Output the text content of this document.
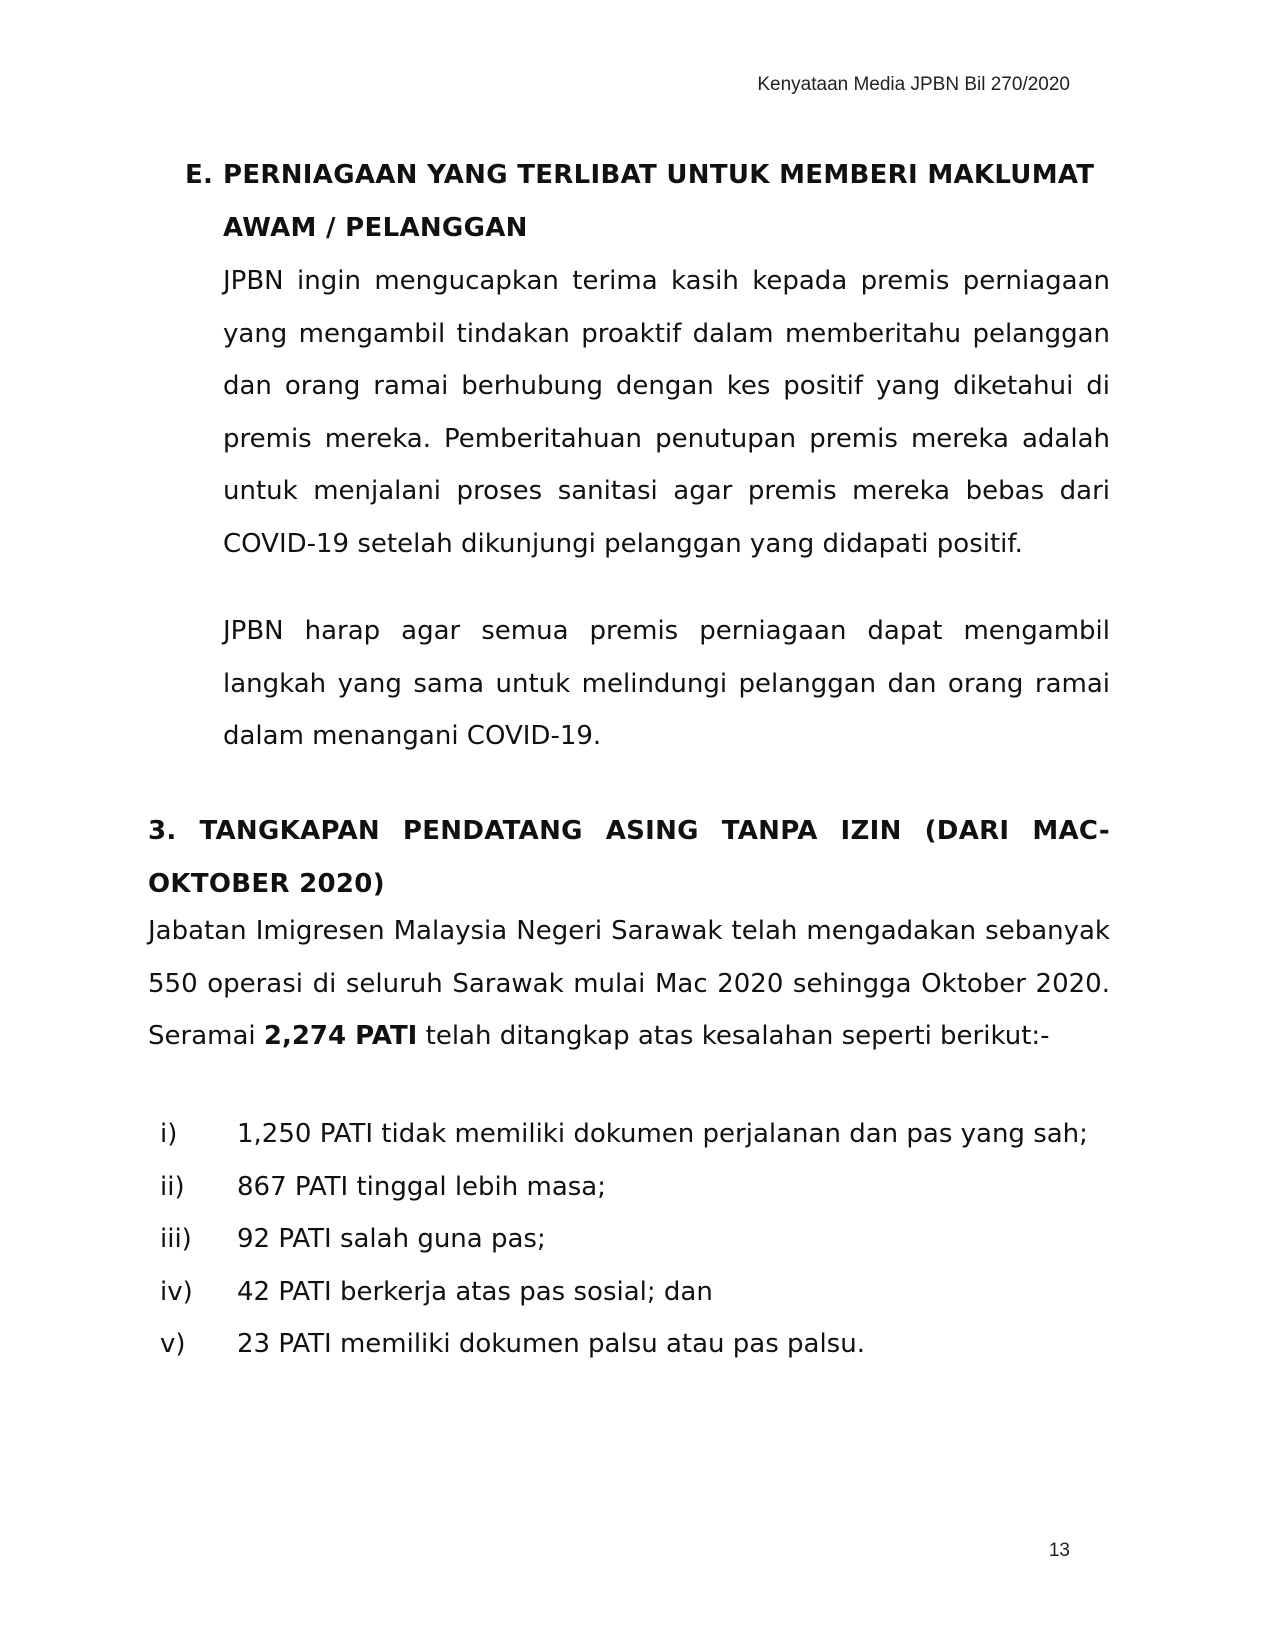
Kenyataan Media JPBN Bil 270/2020
E. PERNIAGAAN YANG TERLIBAT UNTUK MEMBERI MAKLUMAT
AWAM / PELANGGAN
JPBN ingin mengucapkan terima kasih kepada premis perniagaan yang mengambil tindakan proaktif dalam memberitahu pelanggan dan orang ramai berhubung dengan kes positif yang diketahui di premis mereka. Pemberitahuan penutupan premis mereka adalah untuk menjalani proses sanitasi agar premis mereka bebas dari COVID-19 setelah dikunjungi pelanggan yang didapati positif.
JPBN harap agar semua premis perniagaan dapat mengambil langkah yang sama untuk melindungi pelanggan dan orang ramai dalam menangani COVID-19.
3. TANGKAPAN PENDATANG ASING TANPA IZIN (DARI MAC-
OKTOBER 2020)
Jabatan Imigresen Malaysia Negeri Sarawak telah mengadakan sebanyak 550 operasi di seluruh Sarawak mulai Mac 2020 sehingga Oktober 2020. Seramai 2,274 PATI telah ditangkap atas kesalahan seperti berikut:-
i)	1,250 PATI tidak memiliki dokumen perjalanan dan pas yang sah;
ii)	867 PATI tinggal lebih masa;
iii)	92 PATI salah guna pas;
iv)	42 PATI berkerja atas pas sosial; dan
v)	23 PATI memiliki dokumen palsu atau pas palsu.
13
